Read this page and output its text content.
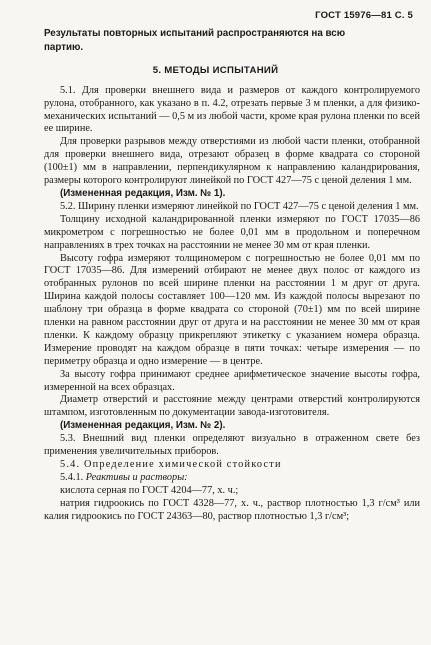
ГОСТ 15976—81 С. 5

Результаты повторных испытаний распространяются на всю

партию.

5. МЕТОДЫ ИСПЫТАНИЙ

5.1. Для проверки внешнего вида и размеров от каждого контролируемого рулона, отобранного, как указано в п. 4.2, отрезать первые 3 м пленки, а для физико-механических испытаний — 0,5 м из любой части, кроме края рулона пленки по всей ее ширине.

Для проверки разрывов между отверстиями из любой части пленки, отобранной для проверки внешнего вида, отрезают образец в форме квадрата со стороной (100±1) мм в направлении, перпендикулярном к направлению каландрирования, размеры которого контролируют линейкой по ГОСТ 427—75 с ценой деления 1 мм.

(Измененная редакция, Изм. № 1).

5.2. Ширину пленки измеряют линейкой по ГОСТ 427—75 с ценой деления 1 мм.

Толщину исходной каландрированной пленки измеряют по ГОСТ 17035—86 микрометром с погрешностью не более 0,01 мм в продольном и поперечном направлениях в трех точках на расстоянии не менее 30 мм от края пленки.

Высоту гофра измеряют толщиномером с погрешностью не более 0,01 мм по ГОСТ 17035—86. Для измерений отбирают не менее двух полос от каждого из отобранных рулонов по всей ширине пленки на расстоянии 1 м друг от друга. Ширина каждой полосы составляет 100—120 мм. Из каждой полосы вырезают по шаблону три образца в форме квадрата со стороной (70±1) мм по всей ширине пленки на равном расстоянии друг от друга и на расстоянии не менее 30 мм от края пленки. К каждому образцу прикрепляют этикетку с указанием номера образца. Измерение проводят на каждом образце в пяти точках: четыре измерения — по периметру образца и одно измерение — в центре.

За высоту гофра принимают среднее арифметическое значение высоты гофра, измеренной на всех образцах.

Диаметр отверстий и расстояние между центрами отверстий контролируются штампом, изготовленным по документации завода-изготовителя.

(Измененная редакция, Изм. № 2).

5.3. Внешний вид пленки определяют визуально в отраженном свете без применения увеличительных приборов.

5.4. Определение химической стойкости

5.4.1. Реактивы и растворы:

кислота серная по ГОСТ 4204—77, х. ч.;

натрия гидроокись по ГОСТ 4328—77, х. ч., раствор плотностью 1,3 г/см³ или калия гидроокись по ГОСТ 24363—80, раствор плотностью 1,3 г/см³;
